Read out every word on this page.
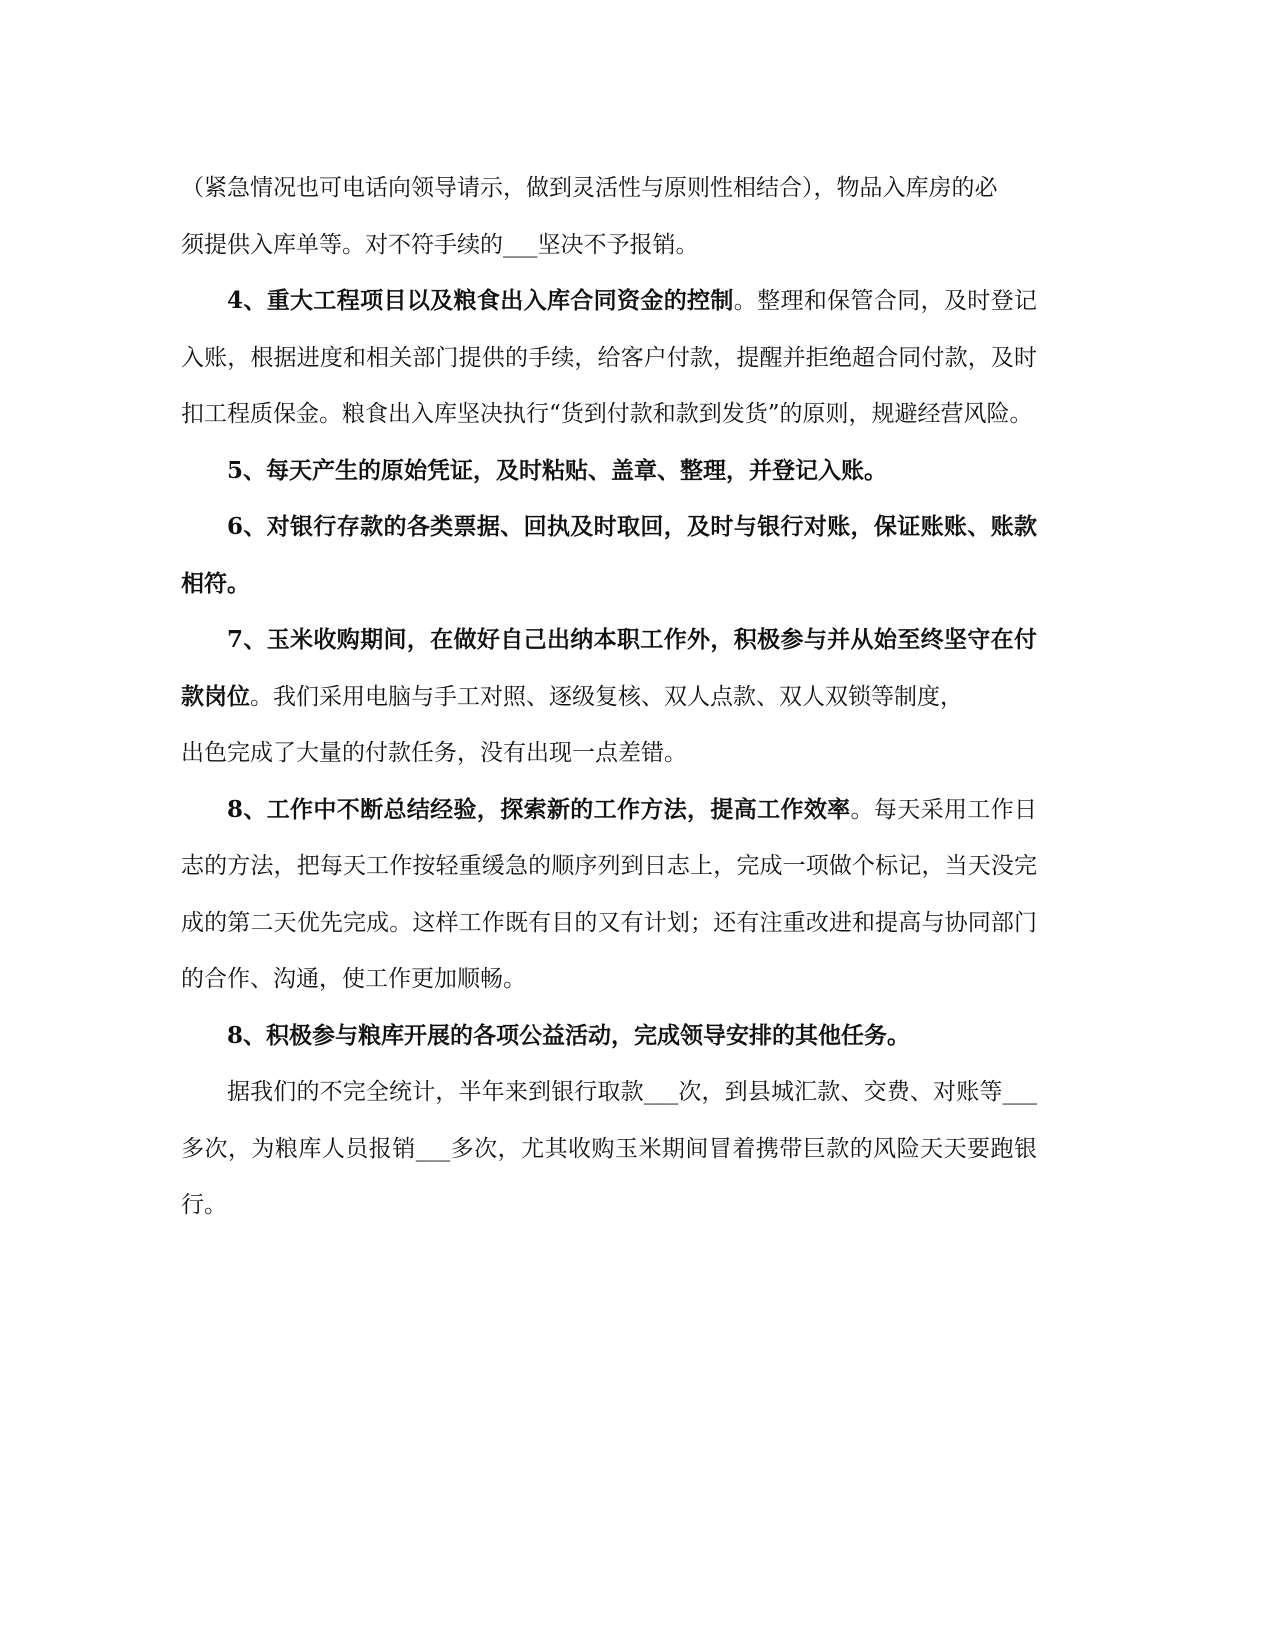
（紧急情况也可电话向领导请示，做到灵活性与原则性相结合），物品入库房的必
须提供入库单等。对不符手续的___坚决不予报销。

4、重大工程项目以及粮食出入库合同资金的控制。整理和保管合同，及时登记入账，根据进度和相关部门提供的手续，给客户付款，提醒并拒绝超合同付款，及时扣工程质保金。粮食出入库坚决执行“货到付款和款到发货”的原则，规避经营风险。

5、每天产生的原始凭证，及时粘贴、盖章、整理，并登记入账。

6、对银行存款的各类票据、回执及时取回，及时与银行对账，保证账账、账款相符。

7、玉米收购期间，在做好自己出纳本职工作外，积极参与并从始至终坚守在付款岗位。我们采用电脑与手工对照、逐级复核、双人点款、双人双锁等制度，
出色完成了大量的付款任务，没有出现一点差错。

8、工作中不断总结经验，探索新的工作方法，提高工作效率。每天采用工作日志的方法，把每天工作按轻重缓急的顺序列到日志上，完成一项做个标记，当天没完成的第二天优先完成。这样工作既有目的又有计划；还有注重改进和提高与协同部门的合作、沟通，使工作更加顺畅。

8、积极参与粮库开展的各项公益活动，完成领导安排的其他任务。

据我们的不完全统计，半年来到银行取款___次，到县城汇款、交费、对账等___多次，为粮库人员报销___多次，尤其收购玉米期间冒着携带巨款的风险天天要跑银行。
